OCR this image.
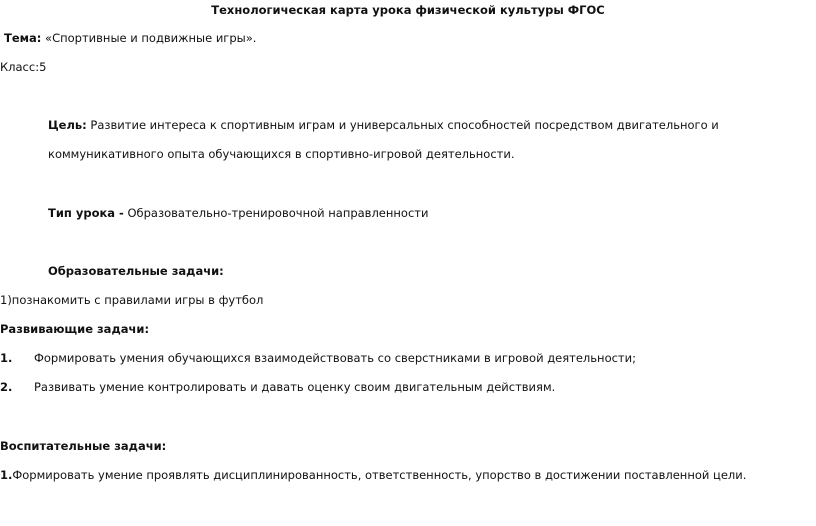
Технологическая карта урока физической культуры ФГОС
Тема: «Спортивные и подвижные игры».
Класс:5
Цель: Развитие интереса к спортивным играм и универсальных способностей посредством двигательного и
коммуникативного опыта обучающихся в спортивно-игровой деятельности.
Тип урока - Образовательно-тренировочной направленности
Образовательные задачи:
1)познакомить с правилами игры в футбол
Развивающие задачи:
1. Формировать умения обучающихся взаимодействовать со сверстниками в игровой деятельности;
2. Развивать умение контролировать и давать оценку своим двигательным действиям.
Воспитательные задачи:
1.Формировать умение проявлять дисциплинированность, ответственность, упорство в достижении поставленной цели.
